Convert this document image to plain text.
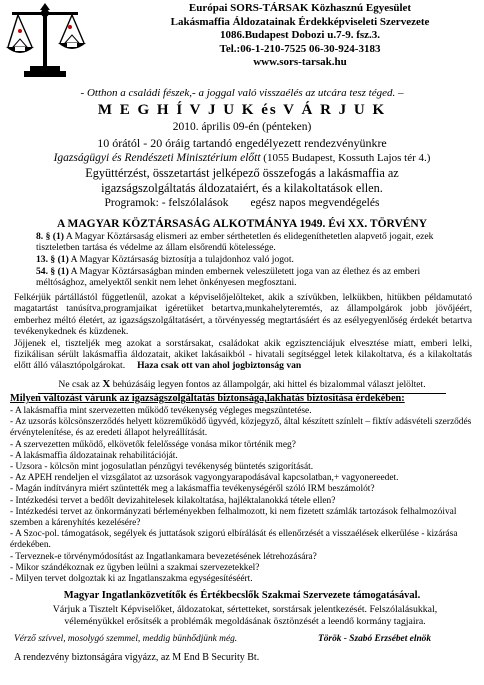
Európai SORS-TÁRSAK Közhasznú Egyesület
Lakásmaffia Áldozatainak Érdekképviseleti Szervezete
1086.Budapest Dobozi u.7-9. fsz.3.
Tel.:06-1-210-7525 06-30-924-3183
www.sors-tarsak.hu
- Otthon a családi fészek,- a joggal való visszaélés az utcára tesz téged. –
M E G H Í V J U K és V Á R J U K
2010. április 09-én (pénteken)
10 órától - 20 óráig tartandó engedélyezett rendezvényünkre
Igazságügyi és Rendészeti Minisztérium előtt (1055 Budapest, Kossuth Lajos tér 4.)
Együttérzést, összetartást jelképező összefogás a lakásmaffia az
igazságszolgáltatás áldozataiért, és a kilakoltatások ellen.
Programok: - felszólalások egész napos megvendégelés
A MAGYAR KÖZTÁRSASÁG ALKOTMÁNYA 1949. Évi XX. TÖRVÉNY
8. § (1) A Magyar Köztársaság elismeri az ember sérthetetlen és elidegeníthetetlen alapvető jogait, ezek tiszteletben tartása és védelme az állam elsőrendű kötelessége.
13. § (1) A Magyar Köztársaság biztosítja a tulajdonhoz való jogot.
54. § (1) A Magyar Köztársaságban minden embernek veleszületett joga van az élethez és az emberi méltósághoz, amelyektől senkit nem lehet önkényesen megfosztani.

Felkérjük pártállástól függetlenül, azokat a képviselőjelölteket, akik a szívükben, lelkükben, hitükben példamutató magatartást tanúsítva,programjaikat igéretüket betartva,munkahelyteremtés, az állampolgárok jobb jövőjéért, emberhez méltó életért, az igazságszolgáltatásért, a törvényesség megtartásáért és az esélyegyenlőség érdekét betartva tevékenykednek és küzdenek.

Jöjjenek el, tiszteljék meg azokat a sorstársakat, családokat akik egzisztenciájuk elvesztése miatt, emberi lelki, fizikálisan sérült lakásmaffia áldozatait, akiket lakásaikból - hivatali segítséggel letek kilakoltatva, és a kilakoltatás előtt álló választópolgárokat. Haza csak ott van ahol jogbiztonság van

Ne csak az X behúzásáig legyen fontos az állampolgár, aki hittel és bizalommal választ jelöltet.

Milyen változást várunk az igazságszolgáltatás biztonsága,lakhatás biztosítása érdekében:

- A lakásmaffia mint szervezetten működő tevékenység végleges megszüntetése.

- Az uzsorás kölcsönszerződés helyett közreműködő ügyvéd, közjegyző, által készített színlelt – fiktív adásvételi szerződés érvénytelenítése, és az eredeti állapot helyreállítását.

- A szervezetten működő, elkövetők felelőssége vonása mikor történik meg?

- A lakásmaffia áldozatainak rehabilitációját.

- Uzsora - kölcsön mint jogosulatlan pénzügyi tevékenység büntetés szigorítását.

- Az APEH rendeljen el vizsgálatot az uzsorások vagyongyarapodásával kapcsolatban,+ vagyonereedet.

- Magán indítványra miért szüntették meg a lakásmaffia tevékenységéről szóló IRM beszámolót?

- Intézkedési tervet a bedőlt devizahitelesek kilakoltatása, hajléktalanokká tétele ellen?

- Intézkedési tervet az önkormányzati bérleményekben felhalmozott, ki nem fizetett számlák tartozások felhalmozóival szemben a kárenyhítés kezelésére?

- A Szoc-pol. támogatások, segélyek és juttatások szigorú elbírálását és ellenőrzését a visszaélések elkerülése - kizárása érdekében.

- Terveznek-e törvénymódosítást az Ingatlankamara bevezetésének létrehozására?

- Mikor szándékoznak ez ügyben leülni a szakmai szervezetekkel?

- Milyen tervet dolgoztak ki az Ingatlanszakma egységesítéséért.

Magyar Ingatlanközvetítők és Értékbecslők Szakmai Szervezete támogatásával.
Várjuk a Tisztelt Képviselőket, áldozatokat, sértetteket, sorstársak jelentkezését. Felszólalásukkal, véleményükkel erősítsék a problémák megoldásának ösztönzését a leendő kormány tagjaira.
Vérző szívvel, mosolygó szemmel, meddig bünhődjünk még.	Török - Szabó Erzsébet elnök
A rendezvény biztonságára vigyázz, az M End B Security Bt.
